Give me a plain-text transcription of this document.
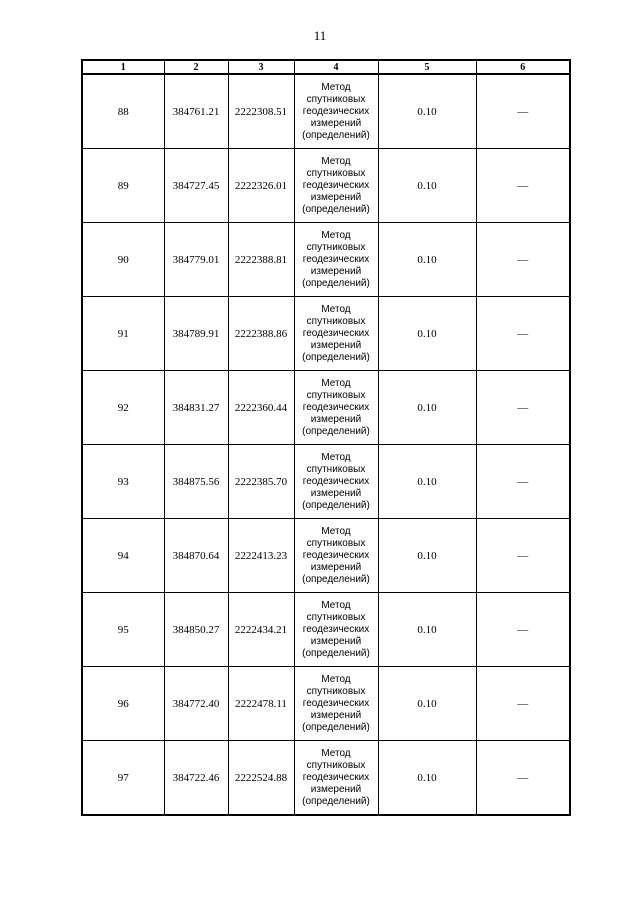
11
1	2	3	4	5	6
88	384761.21	2222308.51	Метод
спутниковых
геодезических
измерений
(определений)	0.10	—
89	384727.45	2222326.01	Метод
спутниковых
геодезических
измерений
(определений)	0.10	—
90	384779.01	2222388.81	Метод
спутниковых
геодезических
измерений
(определений)	0.10	—
91	384789.91	2222388.86	Метод
спутниковых
геодезических
измерений
(определений)	0.10	—
92	384831.27	2222360.44	Метод
спутниковых
геодезических
измерений
(определений)	0.10	—
93	384875.56	2222385.70	Метод
спутниковых
геодезических
измерений
(определений)	0.10	—
94	384870.64	2222413.23	Метод
спутниковых
геодезических
измерений
(определений)	0.10	—
95	384850.27	2222434.21	Метод
спутниковых
геодезических
измерений
(определений)	0.10	—
96	384772.40	2222478.11	Метод
спутниковых
геодезических
измерений
(определений)	0.10	—
97	384722.46	2222524.88	Метод
спутниковых
геодезических
измерений
(определений)	0.10	—
